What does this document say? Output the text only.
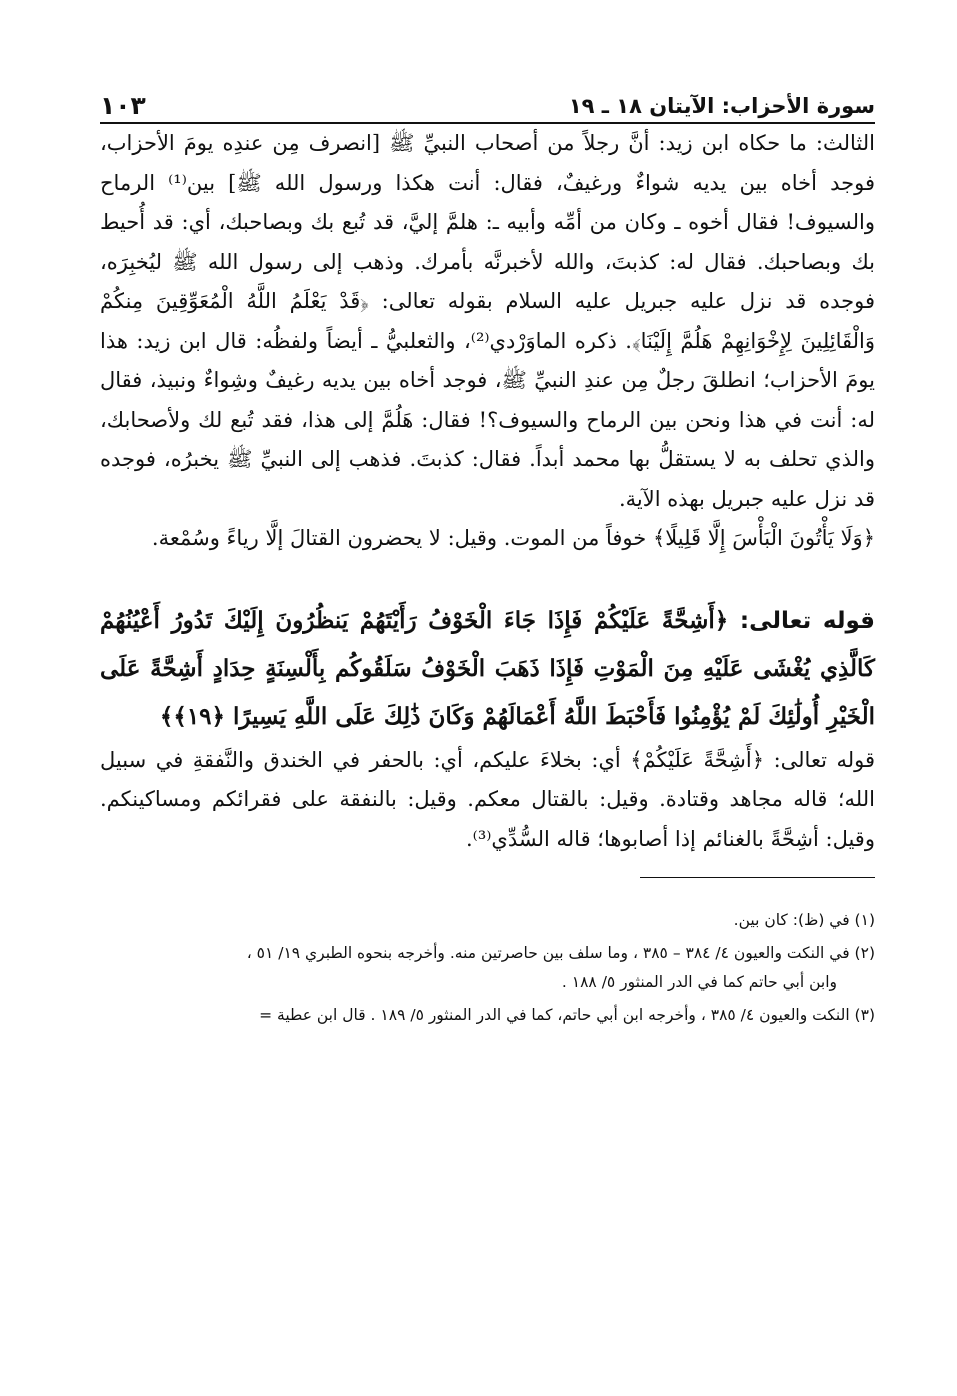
سورة الأحزاب: الآيتان ١٨ ـ ١٩
١٠٣

الثالث: ما حكاه ابن زيد: أنَّ رجلاً من أصحاب النبيِّ ﷺ [انصرف مِن عندِه يومَ الأحزاب، فوجد أخاه بين يديه شواءٌ ورغيفٌ، فقال: أنت هكذا ورسول الله ﷺ] بين⁽¹⁾ الرماح والسيوف! فقال أخوه ـ وكان من أمِّه وأبيه ـ: هلمَّ إليَّ، قد تُبع بك وبصاحبك، أي: قد أُحيط بك وبصاحبك. فقال له: كذبتَ، والله لأخبرنَّه بأمرك. وذهب إلى رسول الله ﷺ ليُخبِرَه، فوجده قد نزل عليه جبريل عليه السلام بقوله تعالى: ﴿قَدْ يَعْلَمُ اللَّهُ الْمُعَوِّقِينَ مِنكُمْ وَالْقَائِلِينَ لِإِخْوَانِهِمْ هَلُمَّ إِلَيْنَا﴾. ذكره الماوَرْدي⁽²⁾، والثعلبيُّ ـ أيضاً ولفظُه: قال ابن زيد: هذا يومَ الأحزاب؛ انطلقَ رجلٌ مِن عندِ النبيِّ ﷺ، فوجد أخاه بين يديه رغيفٌ وشِواءٌ ونبيذ، فقال له: أنت في هذا ونحن بين الرماح والسيوف؟! فقال: هَلُمَّ إلى هذا، فقد تُبع لك ولأصحابك، والذي تحلف به لا يستقلُّ بها محمد أبداً. فقال: كذبتَ. فذهب إلى النبيِّ ﷺ يخبرُه، فوجده قد نزل عليه جبريل بهذه الآية.

﴿وَلَا يَأْتُونَ الْبَأْسَ إِلَّا قَلِيلًا﴾ خوفاً من الموت. وقيل: لا يحضرون القتالَ إلَّا رياءً وسُمْعة.

قوله تعالى: ﴿أَشِحَّةً عَلَيْكُمْ فَإِذَا جَاءَ الْخَوْفُ رَأَيْتَهُمْ يَنظُرُونَ إِلَيْكَ تَدُورُ أَعْيُنُهُمْ كَالَّذِي يُغْشَى عَلَيْهِ مِنَ الْمَوْتِ فَإِذَا ذَهَبَ الْخَوْفُ سَلَقُوكُم بِأَلْسِنَةٍ حِدَادٍ أَشِحَّةً عَلَى الْخَيْرِ أُولَٰئِكَ لَمْ يُؤْمِنُوا فَأَحْبَطَ اللَّهُ أَعْمَالَهُمْ وَكَانَ ذَٰلِكَ عَلَى اللَّهِ يَسِيرًا ﴿١٩﴾﴾

قوله تعالى: ﴿أَشِحَّةً عَلَيْكُمْ﴾ أي: بخلاءَ عليكم، أي: بالحفر في الخندق والنَّفقةِ في سبيل الله؛ قاله مجاهد وقتادة. وقيل: بالقتال معكم. وقيل: بالنفقة على فقرائكم ومساكينكم. وقيل: أشِحَّةً بالغنائم إذا أصابوها؛ قاله السُّدِّي⁽³⁾.

(١) في (ظ): كان بين.
(٢) في النكت والعيون ٤/ ٣٨٤ – ٣٨٥ ، وما سلف بين حاصرتين منه. وأخرجه بنحوه الطبري ١٩/ ٥١ ،
وابن أبي حاتم كما في الدر المنثور ٥/ ١٨٨ .
(٣) النكت والعيون ٤/ ٣٨٥ ، وأخرجه ابن أبي حاتم، كما في الدر المنثور ٥/ ١٨٩ . قال ابن عطية =
